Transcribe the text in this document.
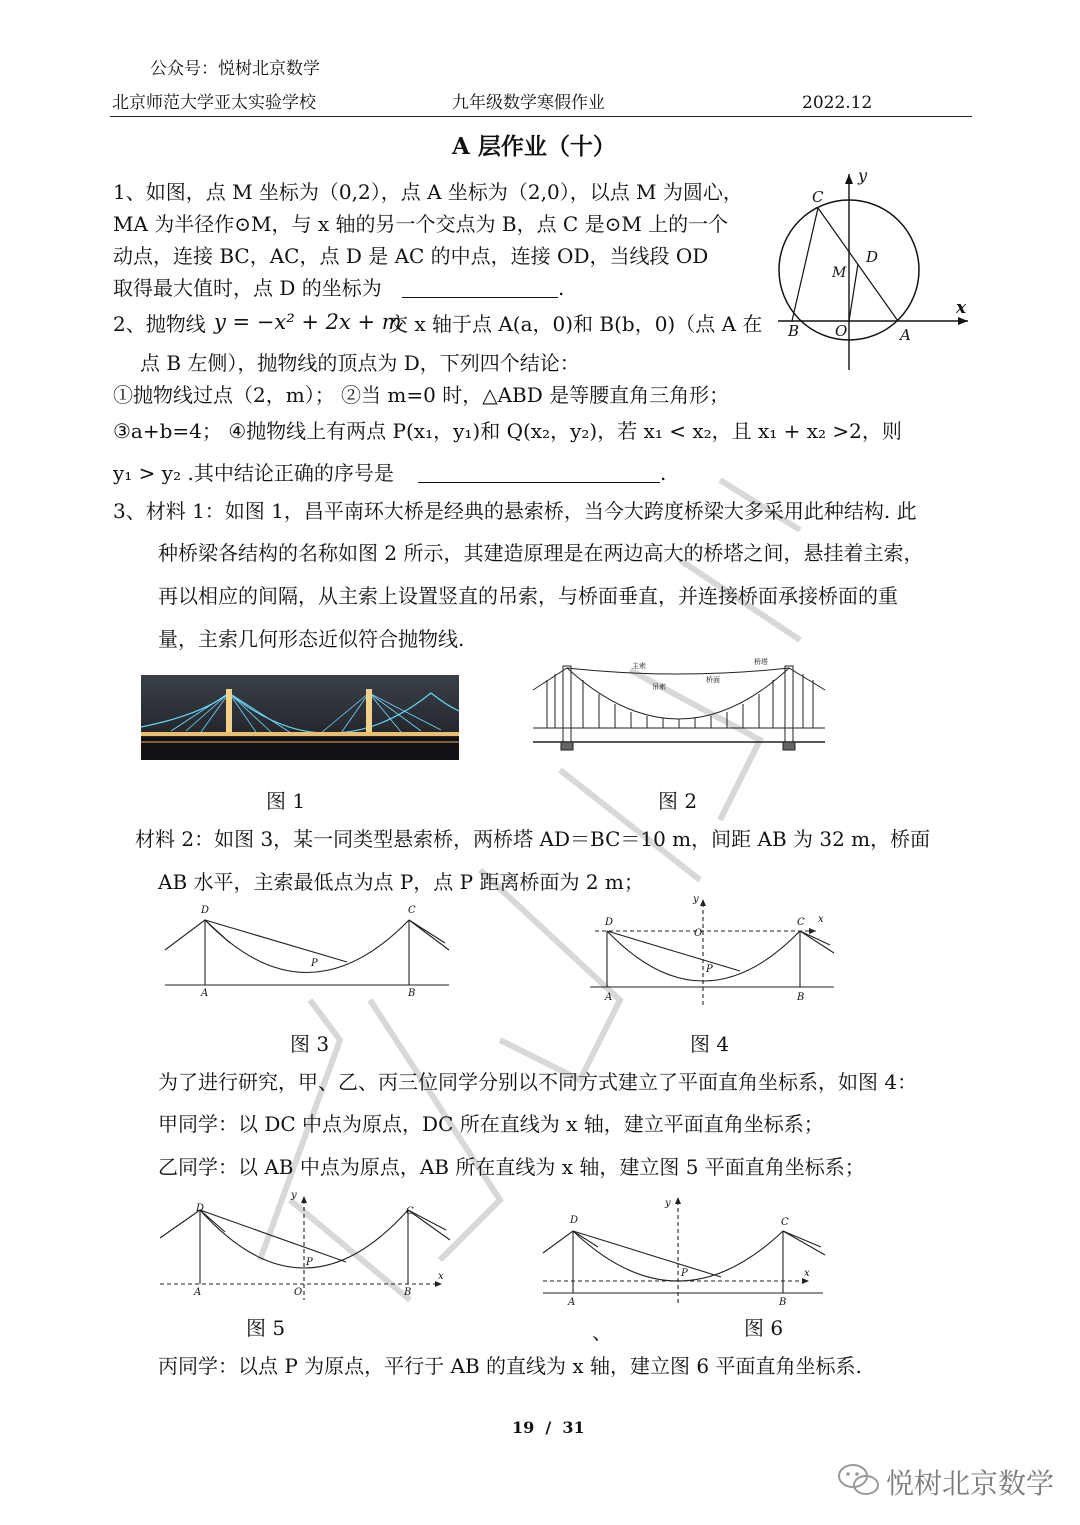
公众号：悦树北京数学
北京师范大学亚太实验学校	九年级数学寒假作业	2022.12
A 层作业（十）
1、如图，点 M 坐标为（0,2），点 A 坐标为（2,0），以点 M 为圆心，
MA 为半径作⊙M，与 x 轴的另一个交点为 B，点 C 是⊙M 上的一个
动点，连接 BC，AC，点 D 是 AC 的中点，连接 OD，当线段 OD
取得最大值时，点 D 的坐标为	.
C
y
D
M
x
B O	A
2、抛物线 y = −x² + 2x + m
交 x 轴于点 A(a，0)和 B(b，0)（点 A 在
点 B 左侧），抛物线的顶点为 D，下列四个结论：
①抛物线过点（2，m）； ②当 m=0 时，△ABD 是等腰直角三角形；
③a+b=4； ④抛物线上有两点 P(x₁，y₁)和 Q(x₂，y₂)，若 x₁ < x₂，且 x₁ + x₂ >2，则
y₁ > y₂ .其中结论正确的序号是	.
3、材料 1：如图 1，昌平南环大桥是经典的悬索桥，当今大跨度桥梁大多采用此种结构. 此
种桥梁各结构的名称如图 2 所示，其建造原理是在两边高大的桥塔之间，悬挂着主索，
再以相应的间隔，从主索上设置竖直的吊索，与桥面垂直，并连接桥面承接桥面的重
量，主索几何形态近似符合抛物线.
图 1
主索
吊索
桥面
桥塔
图 2
材料 2：如图 3，某一同类型悬索桥，两桥塔 AD＝BC＝10 m，间距 AB 为 32 m，桥面
AB 水平，主索最低点为点 P，点 P 距离桥面为 2 m；
D	C
P
A	B
图 3
D	C x
y
O
P
A	B
图 4
为了进行研究，甲、乙、丙三位同学分别以不同方式建立了平面直角坐标系，如图 4：
甲同学：以 DC 中点为原点，DC 所在直线为 x 轴，建立平面直角坐标系；
乙同学：以 AB 中点为原点，AB 所在直线为 x 轴，建立图 5 平面直角坐标系；
D	C
y
P
x
A	O	B
图 5	、
D	C
y
P	x
A	B
图 6
丙同学：以点 P 为原点，平行于 AB 的直线为 x 轴，建立图 6 平面直角坐标系.
19  /  31
悦树北京数学
